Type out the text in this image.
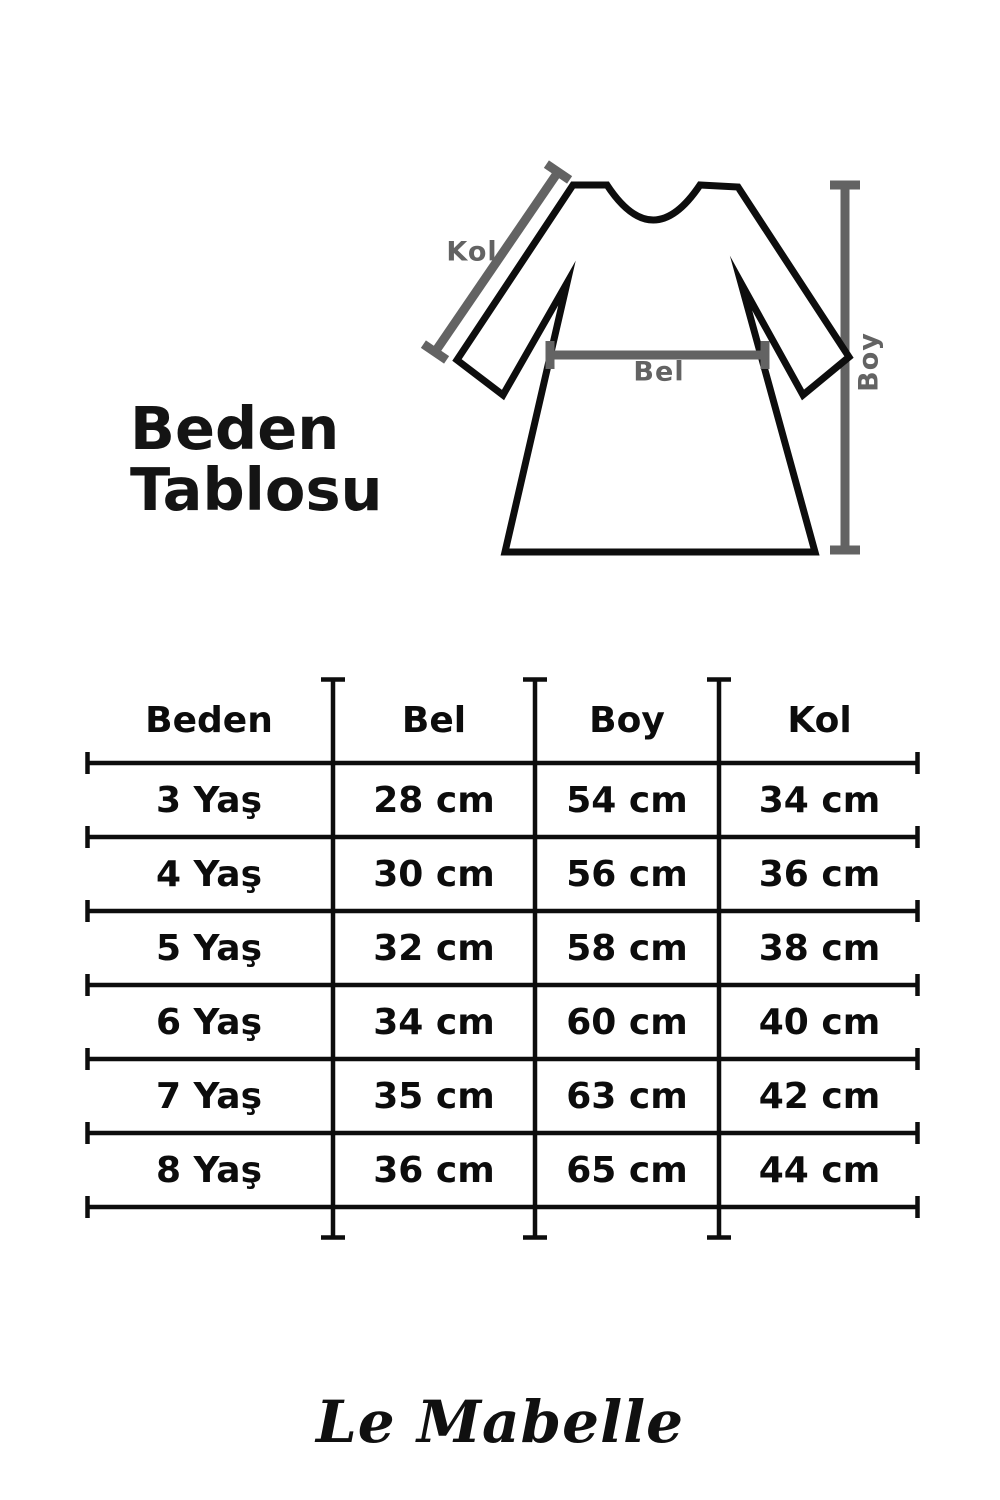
Kol
Bel	Boy
Beden
Tablosu
Beden	Bel	Boy	Kol
3 Yaş	28 cm	54 cm	34 cm
4 Yaş	30 cm	56 cm	36 cm
5 Yaş	32 cm	58 cm	38 cm
6 Yaş	34 cm	60 cm	40 cm
7 Yaş	35 cm	63 cm	42 cm
8 Yaş	36 cm	65 cm	44 cm

Le Mabelle
